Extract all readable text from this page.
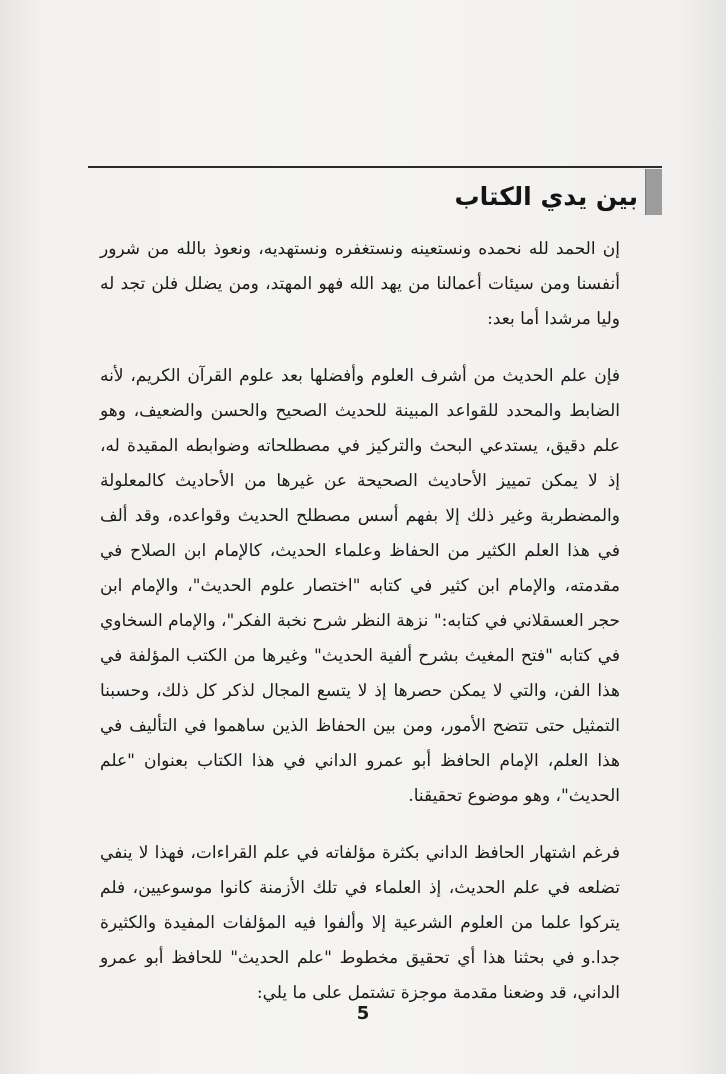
بين يدي الكتاب

إن الحمد لله نحمده ونستعينه ونستغفره ونستهديه، ونعوذ بالله من شرور أنفسنا ومن سيئات أعمالنا من يهد الله فهو المهتد، ومن يضلل فلن تجد له وليا مرشدا أما بعد:

فإن علم الحديث من أشرف العلوم وأفضلها بعد علوم القرآن الكريم، لأنه الضابط والمحدد للقواعد المبينة للحديث الصحيح والحسن والضعيف، وهو علم دقيق، يستدعي البحث والتركيز في مصطلحاته وضوابطه المقيدة له، إذ لا يمكن تمييز الأحاديث الصحيحة عن غيرها من الأحاديث كالمعلولة والمضطربة وغير ذلك إلا بفهم أسس مصطلح الحديث وقواعده، وقد ألف في هذا العلم الكثير من الحفاظ وعلماء الحديث، كالإمام ابن الصلاح في مقدمته، والإمام ابن كثير في كتابه "اختصار علوم الحديث"، والإمام ابن حجر العسقلاني في كتابه:" نزهة النظر شرح نخبة الفكر"، والإمام السخاوي في كتابه "فتح المغيث بشرح ألفية الحديث" وغيرها من الكتب المؤلفة في هذا الفن، والتي لا يمكن حصرها إذ لا يتسع المجال لذكر كل ذلك، وحسبنا التمثيل حتى تتضح الأمور، ومن بين الحفاظ الذين ساهموا في التأليف في هذا العلم، الإمام الحافظ أبو عمرو الداني في هذا الكتاب بعنوان "علم الحديث"، وهو موضوع تحقيقنا.

فرغم اشتهار الحافظ الداني بكثرة مؤلفاته في علم القراءات، فهذا لا ينفي تضلعه في علم الحديث، إذ العلماء في تلك الأزمنة كانوا موسوعيين، فلم يتركوا علما من العلوم الشرعية إلا وألفوا فيه المؤلفات المفيدة والكثيرة جدا.و في بحثنا هذا أي تحقيق مخطوط "علم الحديث" للحافظ أبو عمرو الداني، قد وضعنا مقدمة موجزة تشتمل على ما يلي:

5
